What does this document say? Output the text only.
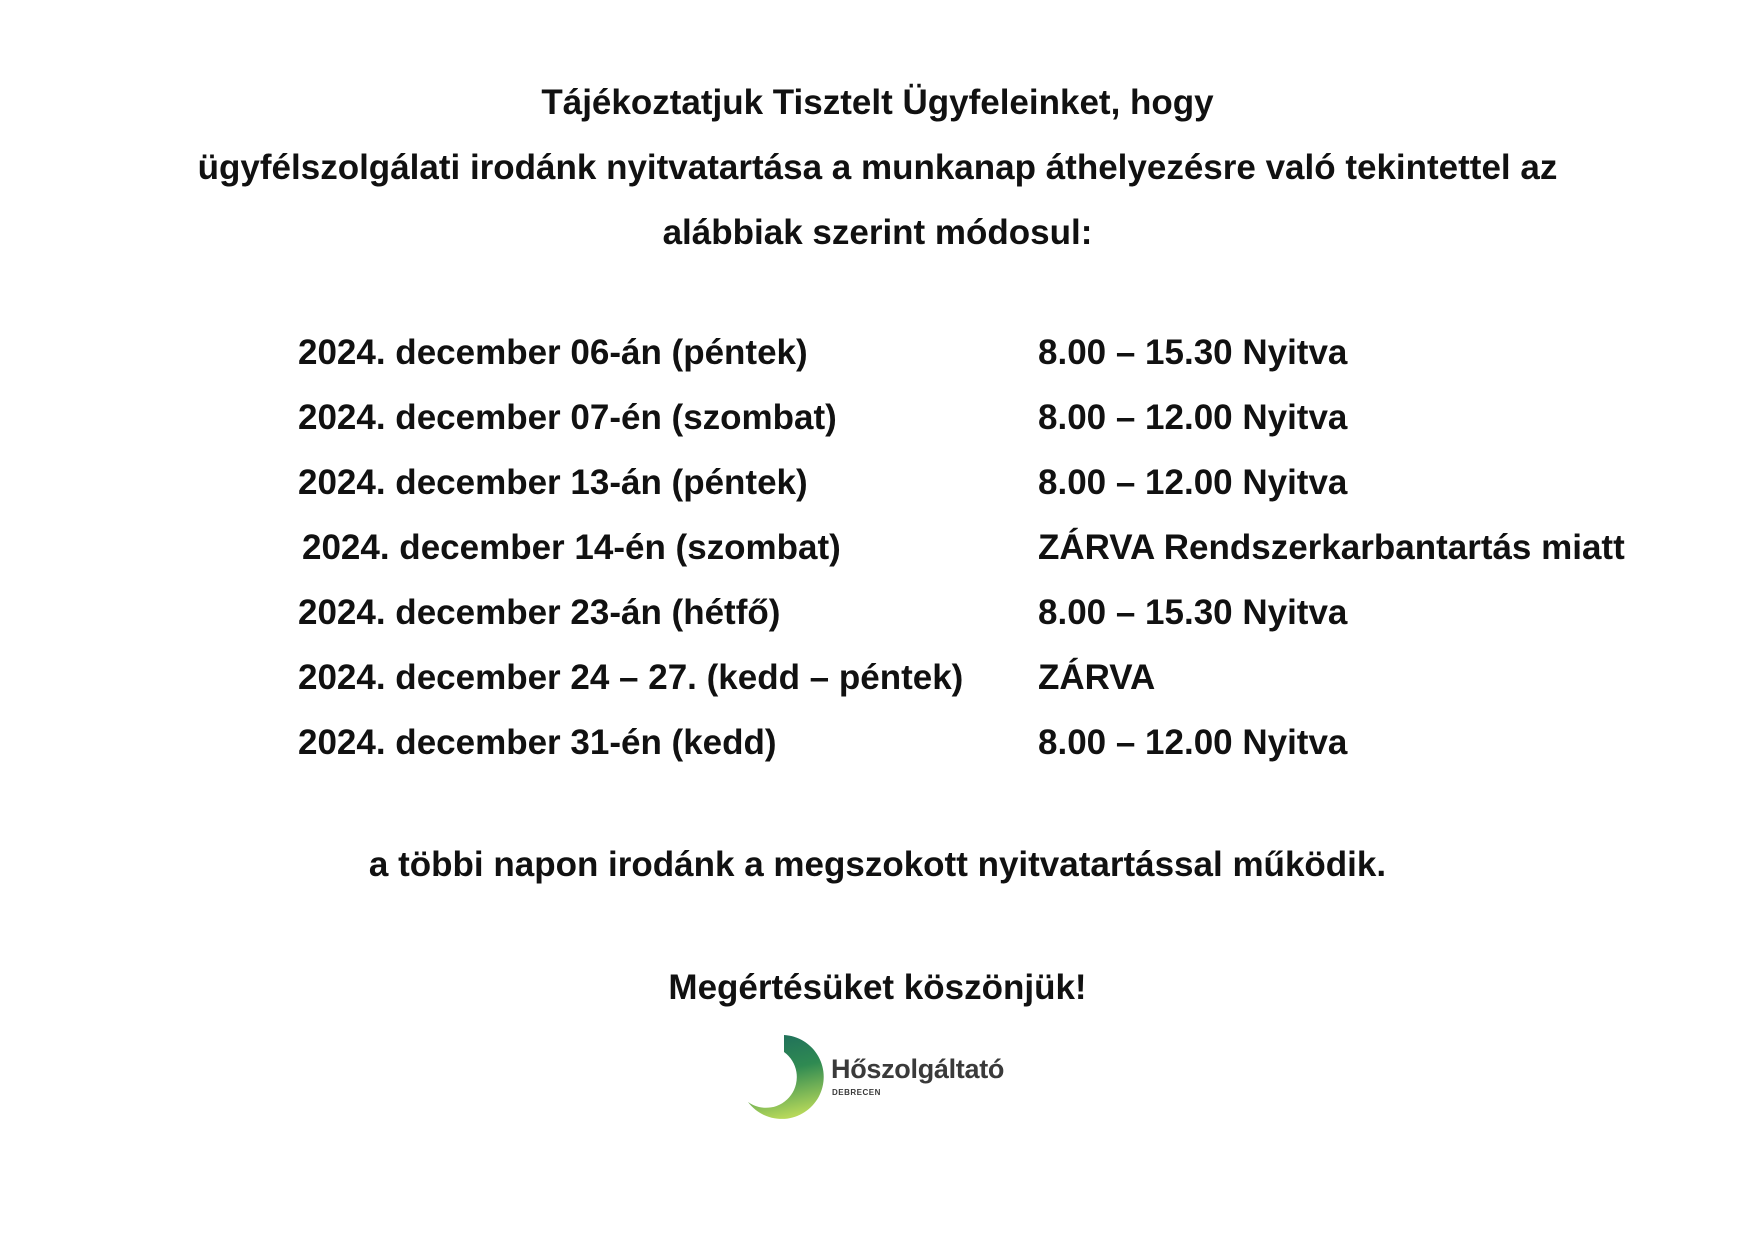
Tájékoztatjuk Tisztelt Ügyfeleinket, hogy
ügyfélszolgálati irodánk nyitvatartása a munkanap áthelyezésre való tekintettel az
alábbiak szerint módosul:
2024. december 06-án (péntek)	8.00 – 15.30 Nyitva
2024. december 07-én (szombat)	8.00 – 12.00 Nyitva
2024. december 13-án (péntek)	8.00 – 12.00 Nyitva
2024. december 14-én (szombat)	ZÁRVA Rendszerkarbantartás miatt
2024. december 23-án (hétfő)	8.00 – 15.30 Nyitva
2024. december 24 – 27. (kedd – péntek) ZÁRVA
2024. december 31-én (kedd)	8.00 – 12.00 Nyitva
a többi napon irodánk a megszokott nyitvatartással működik.
Megértésüket köszönjük!
Hőszolgáltató
DEBRECEN
